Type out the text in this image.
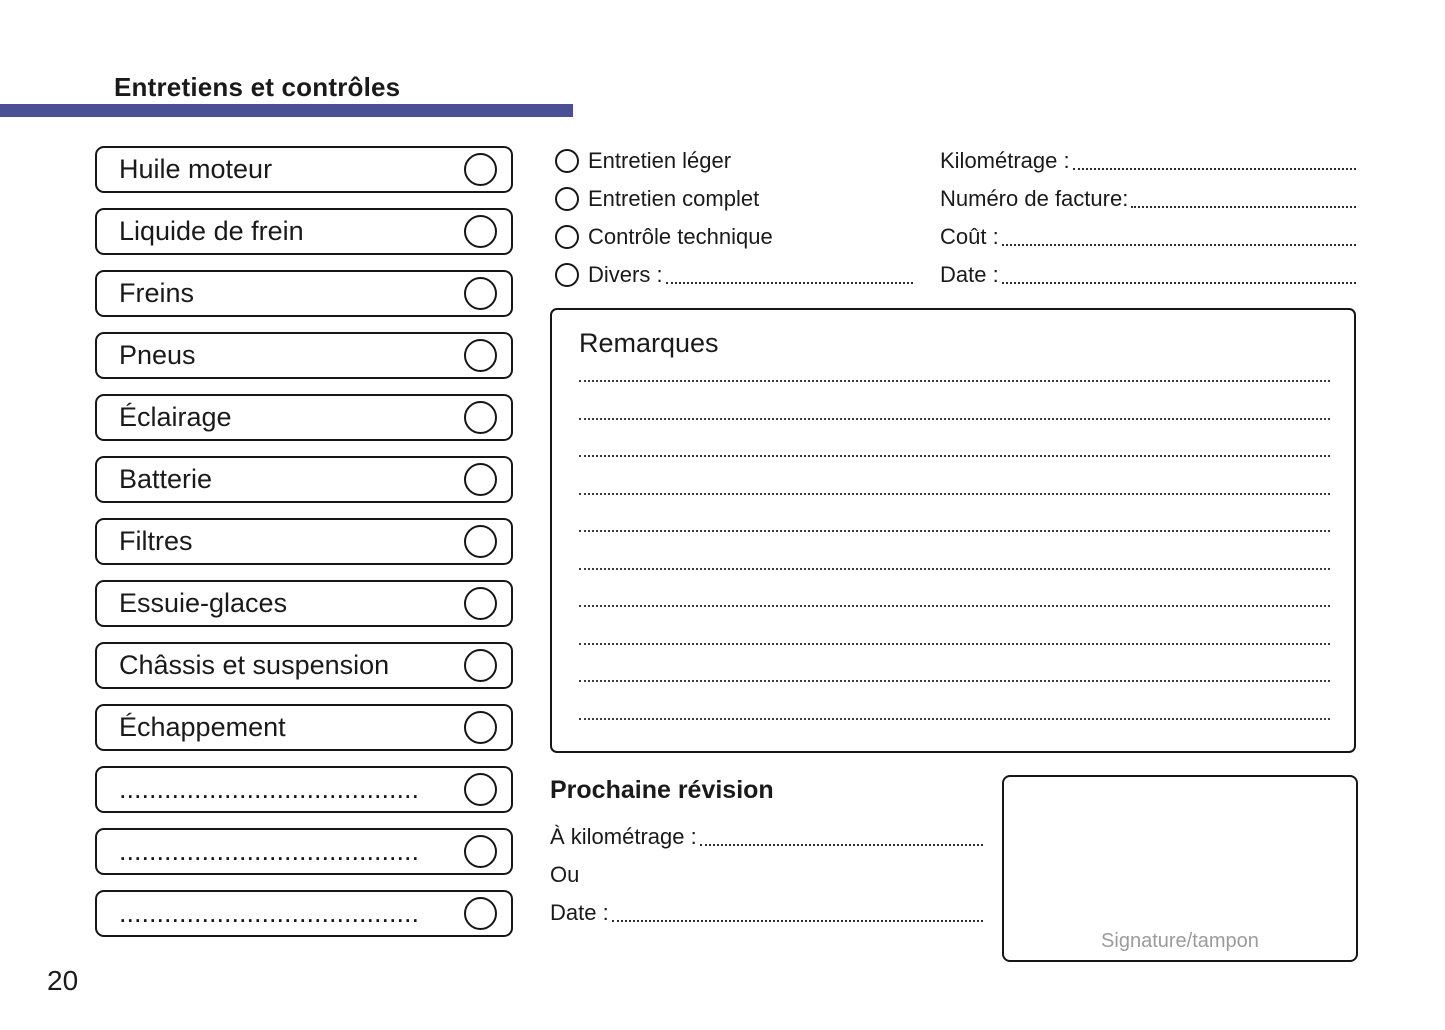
Entretiens et contrôles
Huile moteur
Liquide de frein
Freins
Pneus
Éclairage
Batterie
Filtres
Essuie-glaces
Châssis et suspension
Échappement
........................................
........................................
........................................
Entretien léger
Entretien complet
Contrôle technique
Divers :
Kilométrage :
Numéro de facture:
Coût :
Date :
Remarques
Prochaine révision
À kilométrage :
Ou
Date :
Signature/tampon
20
